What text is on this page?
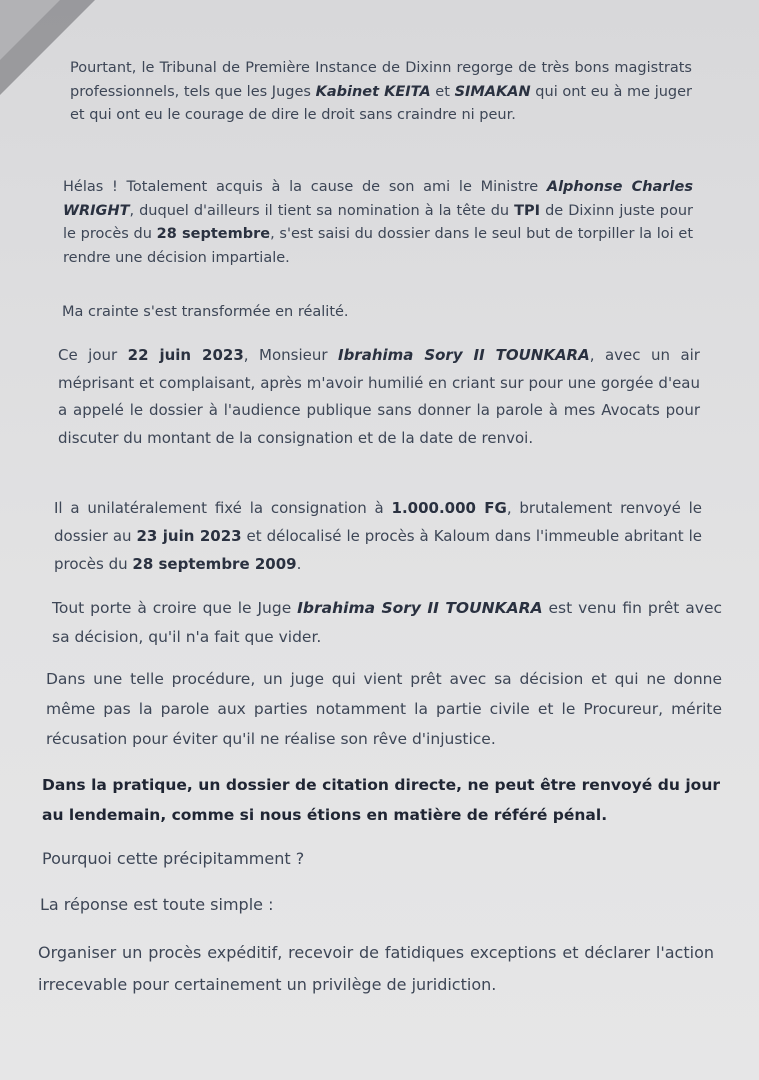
Pourtant, le Tribunal de Première Instance de Dixinn regorge de très bons magistrats professionnels, tels que les Juges Kabinet KEITA et SIMAKAN qui ont eu à me juger et qui ont eu le courage de dire le droit sans craindre ni peur.

Hélas ! Totalement acquis à la cause de son ami le Ministre Alphonse Charles WRIGHT, duquel d'ailleurs il tient sa nomination à la tête du TPI de Dixinn juste pour le procès du 28 septembre, s'est saisi du dossier dans le seul but de torpiller la loi et rendre une décision impartiale.

Ma crainte s'est transformée en réalité.

Ce jour 22 juin 2023, Monsieur Ibrahima Sory II TOUNKARA, avec un air méprisant et complaisant, après m'avoir humilié en criant sur pour une gorgée d'eau a appelé le dossier à l'audience publique sans donner la parole à mes Avocats pour discuter du montant de la consignation et de la date de renvoi.

Il a unilatéralement fixé la consignation à 1.000.000 FG, brutalement renvoyé le dossier au 23 juin 2023 et délocalisé le procès à Kaloum dans l'immeuble abritant le procès du 28 septembre 2009.

Tout porte à croire que le Juge Ibrahima Sory II TOUNKARA est venu fin prêt avec sa décision, qu'il n'a fait que vider.

Dans une telle procédure, un juge qui vient prêt avec sa décision et qui ne donne même pas la parole aux parties notamment la partie civile et le Procureur, mérite récusation pour éviter qu'il ne réalise son rêve d'injustice.

Dans la pratique, un dossier de citation directe, ne peut être renvoyé du jour au lendemain, comme si nous étions en matière de référé pénal.

Pourquoi cette précipitamment ?

La réponse est toute simple :

Organiser un procès expéditif, recevoir de fatidiques exceptions et déclarer l'action irrecevable pour certainement un privilège de juridiction.
